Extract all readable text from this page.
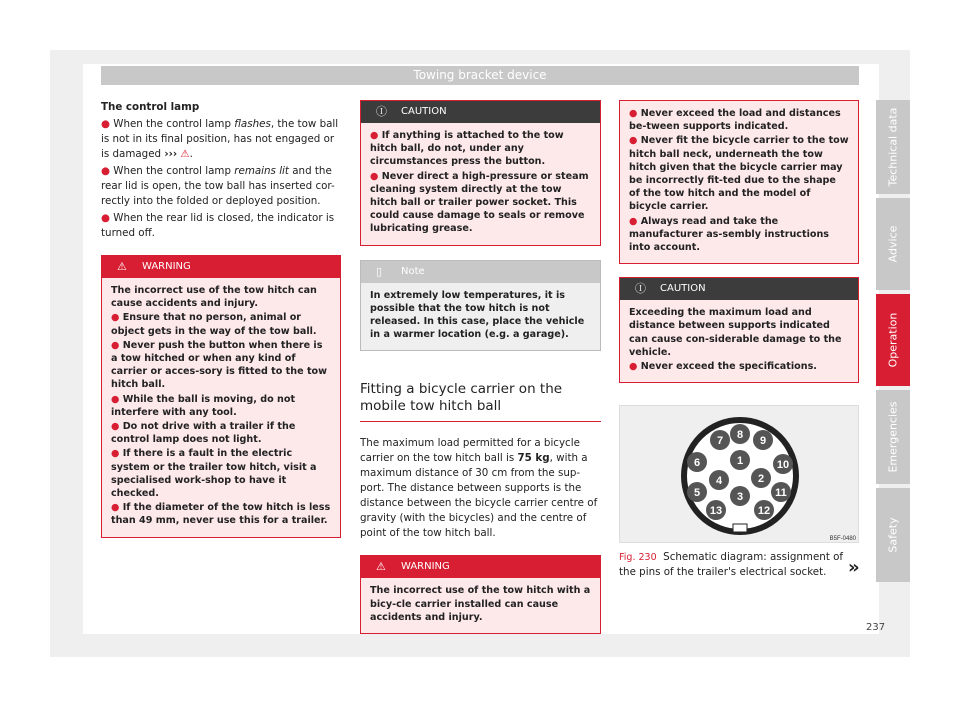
Towing bracket device

The control lamp

● When the control lamp flashes, the tow ball is not in its final position, has not engaged or is damaged ››› ⚠.

● When the control lamp remains lit and the rear lid is open, the tow ball has inserted cor-rectly into the folded or deployed position.

● When the rear lid is closed, the indicator is turned off.

⚠ WARNING

The incorrect use of the tow hitch can cause accidents and injury.

● Ensure that no person, animal or object gets in the way of the tow ball.

● Never push the button when there is a tow hitched or when any kind of carrier or acces-sory is fitted to the tow hitch ball.

● While the ball is moving, do not interfere with any tool.

● Do not drive with a trailer if the control lamp does not light.

● If there is a fault in the electric system or the trailer tow hitch, visit a specialised work-shop to have it checked.

● If the diameter of the tow hitch is less than 49 mm, never use this for a trailer.

Ⓘ CAUTION

● If anything is attached to the tow hitch ball, do not, under any circumstances press the button.

● Never direct a high-pressure or steam cleaning system directly at the tow hitch ball or trailer power socket. This could cause damage to seals or remove lubricating grease.

▯ Note

In extremely low temperatures, it is possible that the tow hitch is not released. In this case, place the vehicle in a warmer location (e.g. a garage).

Fitting a bicycle carrier on the mobile tow hitch ball

The maximum load permitted for a bicycle carrier on the tow hitch ball is 75 kg, with a maximum distance of 30 cm from the sup-port. The distance between supports is the distance between the bicycle carrier centre of gravity (with the bicycles) and the centre of point of the tow hitch ball.

⚠ WARNING

The incorrect use of the tow hitch with a bicy-cle carrier installed can cause accidents and injury.

● Never exceed the load and distances be-tween supports indicated.

● Never fit the bicycle carrier to the tow hitch ball neck, underneath the tow hitch given that the bicycle carrier may be incorrectly fit-ted due to the shape of the tow hitch and the model of bicycle carrier.

● Always read and take the manufacturer as-sembly instructions into account.

Ⓘ CAUTION

Exceeding the maximum load and distance between supports indicated can cause con-siderable damage to the vehicle.

● Never exceed the specifications.

1
2
3
4
5
6
7 8 9
10
11
12
13
B5F-0480
Fig. 230 Schematic diagram: assignment of the pins of the trailer's electrical socket.	»
Technical data
Advice
Operation
Emergencies
Safety
237
